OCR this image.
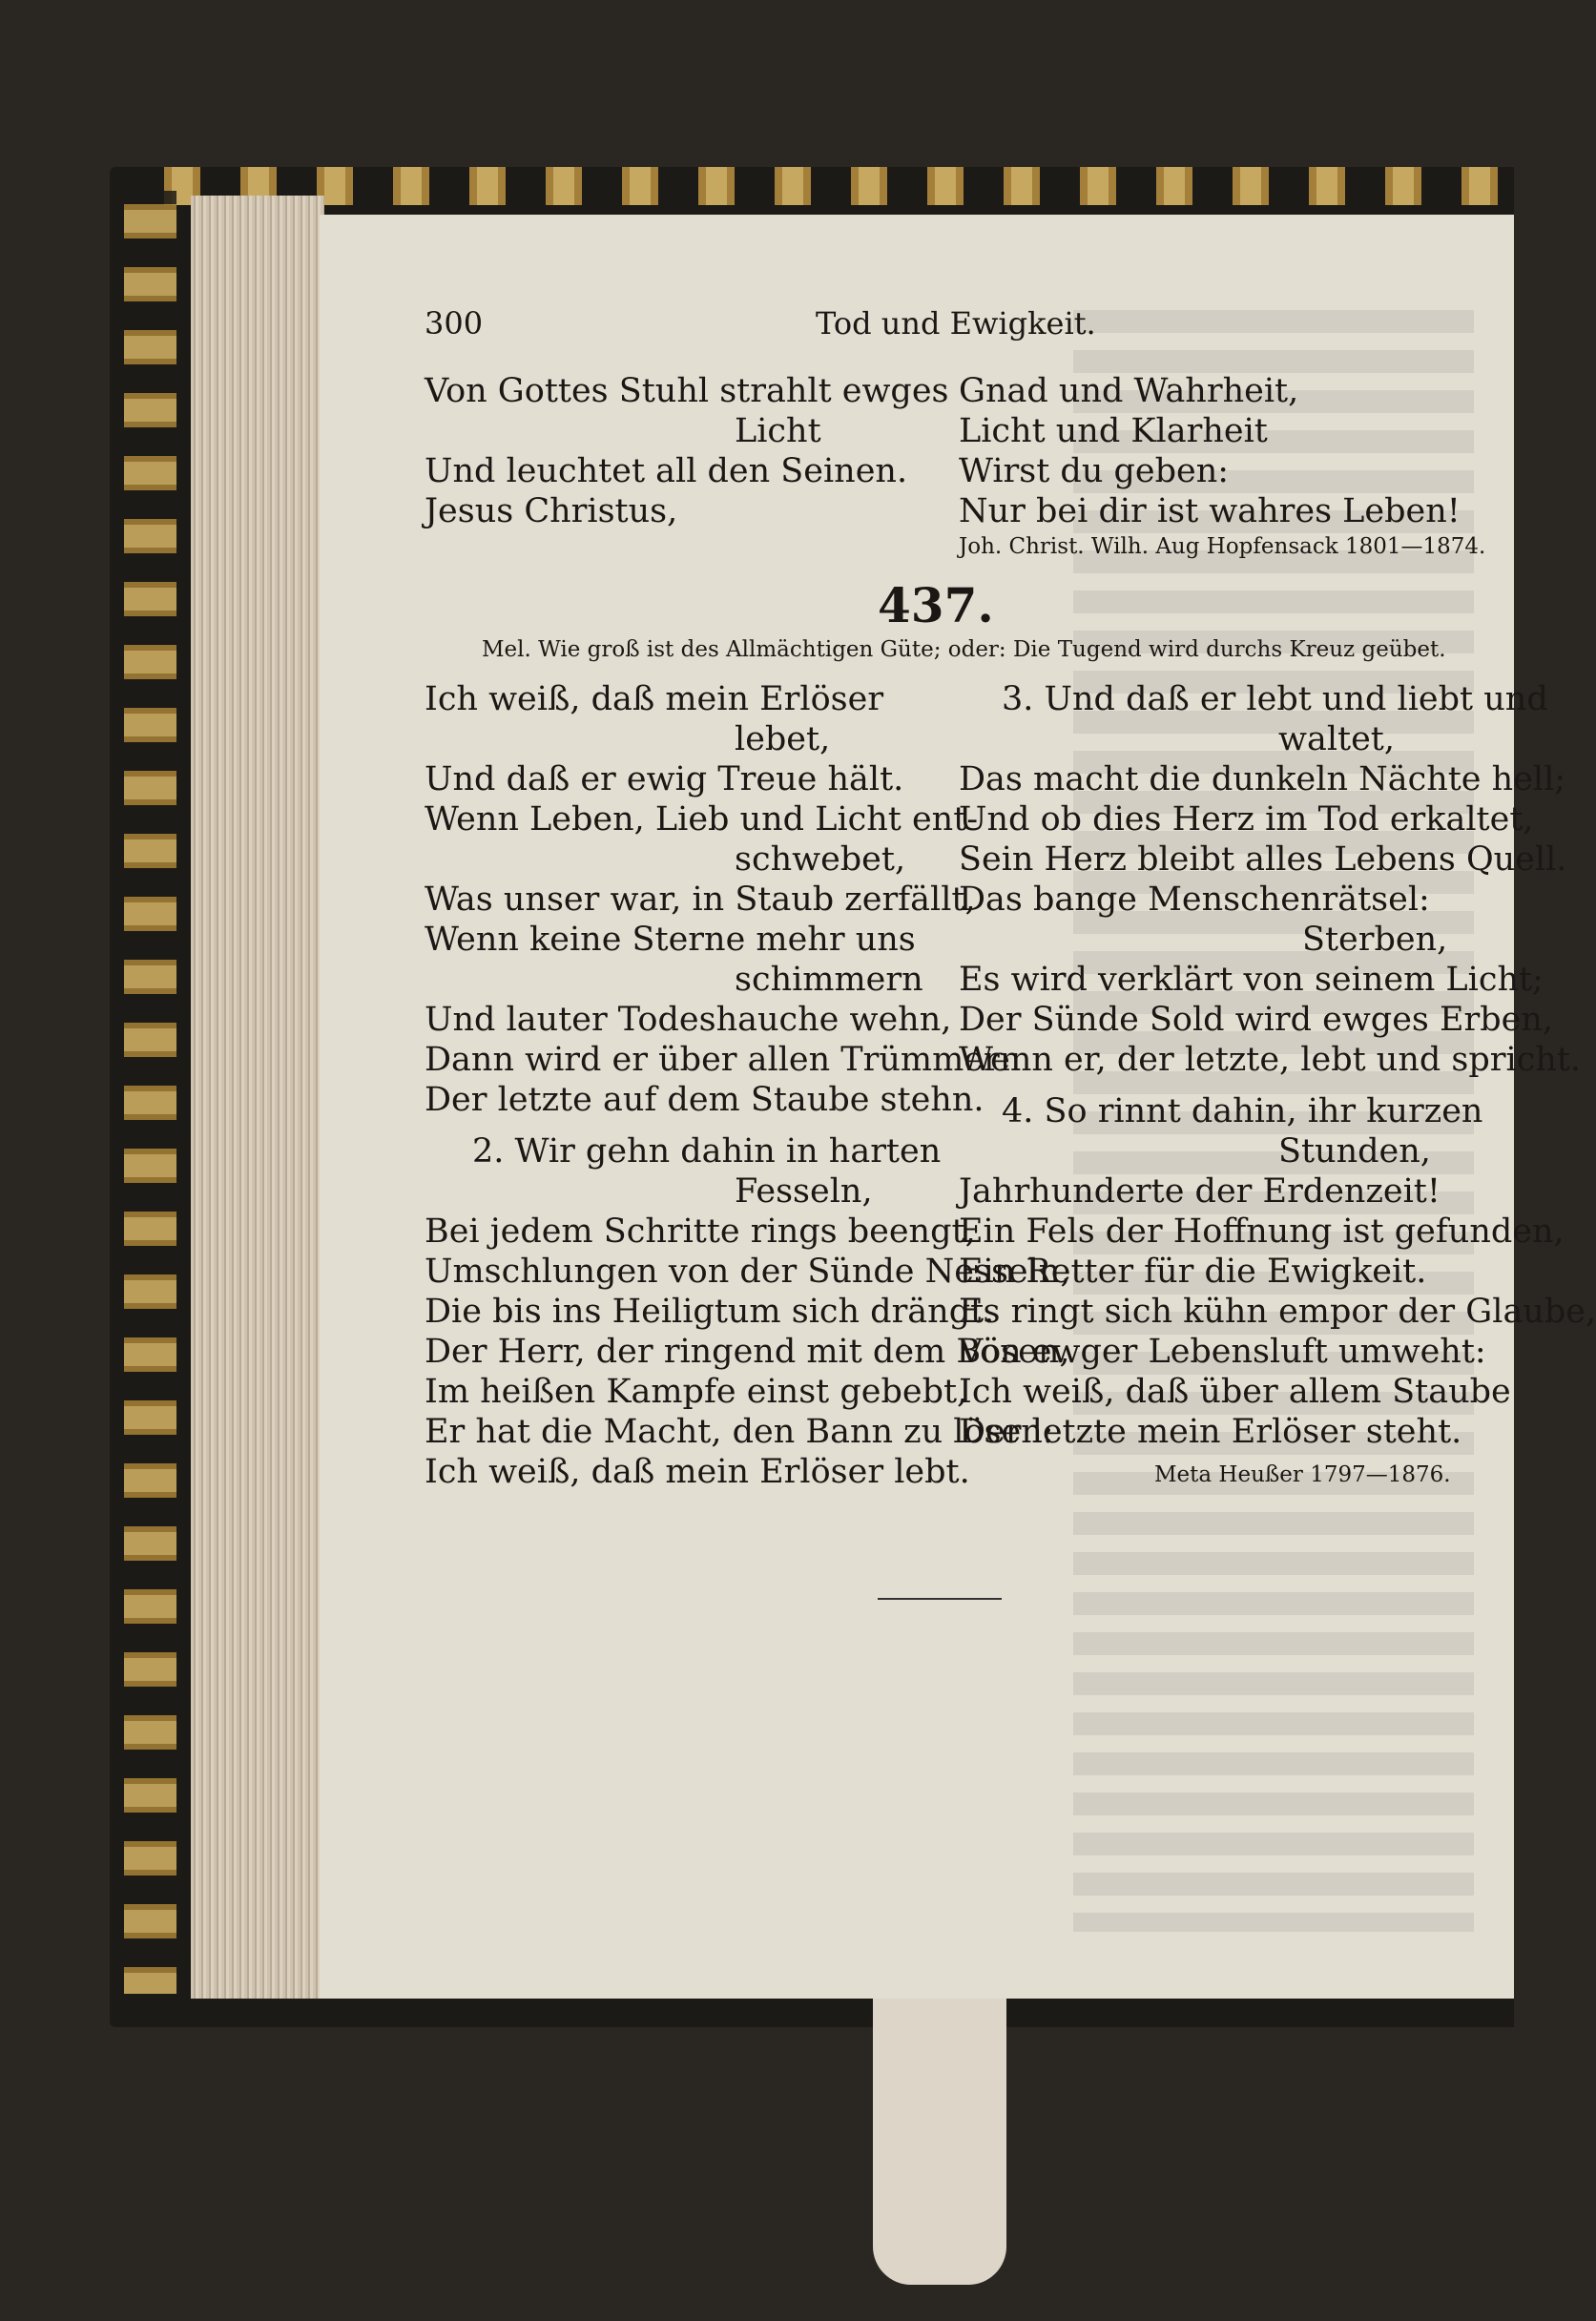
300	Tod und Ewigkeit.
Von Gottes Stuhl strahlt ewges
Licht
Und leuchtet all den Seinen.
Jesus Christus,
Gnad und Wahrheit,
Licht und Klarheit
Wirst du geben:
Nur bei dir ist wahres Leben!
Joh. Christ. Wilh. Aug Hopfensack 1801—1874.
437.
Mel. Wie groß ist des Allmächtigen Güte; oder: Die Tugend wird durchs Kreuz geübet.
Ich weiß, daß mein Erlöser
lebet,
Und daß er ewig Treue hält.
Wenn Leben, Lieb und Licht ent-
schwebet,
Was unser war, in Staub zerfällt,
Wenn keine Sterne mehr uns
schimmern
Und lauter Todeshauche wehn,
Dann wird er über allen Trümmern
Der letzte auf dem Staube stehn.
2. Wir gehn dahin in harten
Fesseln,
Bei jedem Schritte rings beengt,
Umschlungen von der Sünde Nesseln,
Die bis ins Heiligtum sich drängt.
Der Herr, der ringend mit dem Bösen,
Im heißen Kampfe einst gebebt,
Er hat die Macht, den Bann zu lösen:
Ich weiß, daß mein Erlöser lebt.
3. Und daß er lebt und liebt und
waltet,
Das macht die dunkeln Nächte hell;
Und ob dies Herz im Tod erkaltet,
Sein Herz bleibt alles Lebens Quell.
Das bange Menschenrätsel:
Sterben,
Es wird verklärt von seinem Licht;
Der Sünde Sold wird ewges Erben,
Wenn er, der letzte, lebt und spricht.
4. So rinnt dahin, ihr kurzen
Stunden,
Jahrhunderte der Erdenzeit!
Ein Fels der Hoffnung ist gefunden,
Ein Retter für die Ewigkeit.
Es ringt sich kühn empor der Glaube,
Von ewger Lebensluft umweht:
Ich weiß, daß über allem Staube
Der letzte mein Erlöser steht.
Meta Heußer 1797—1876.
